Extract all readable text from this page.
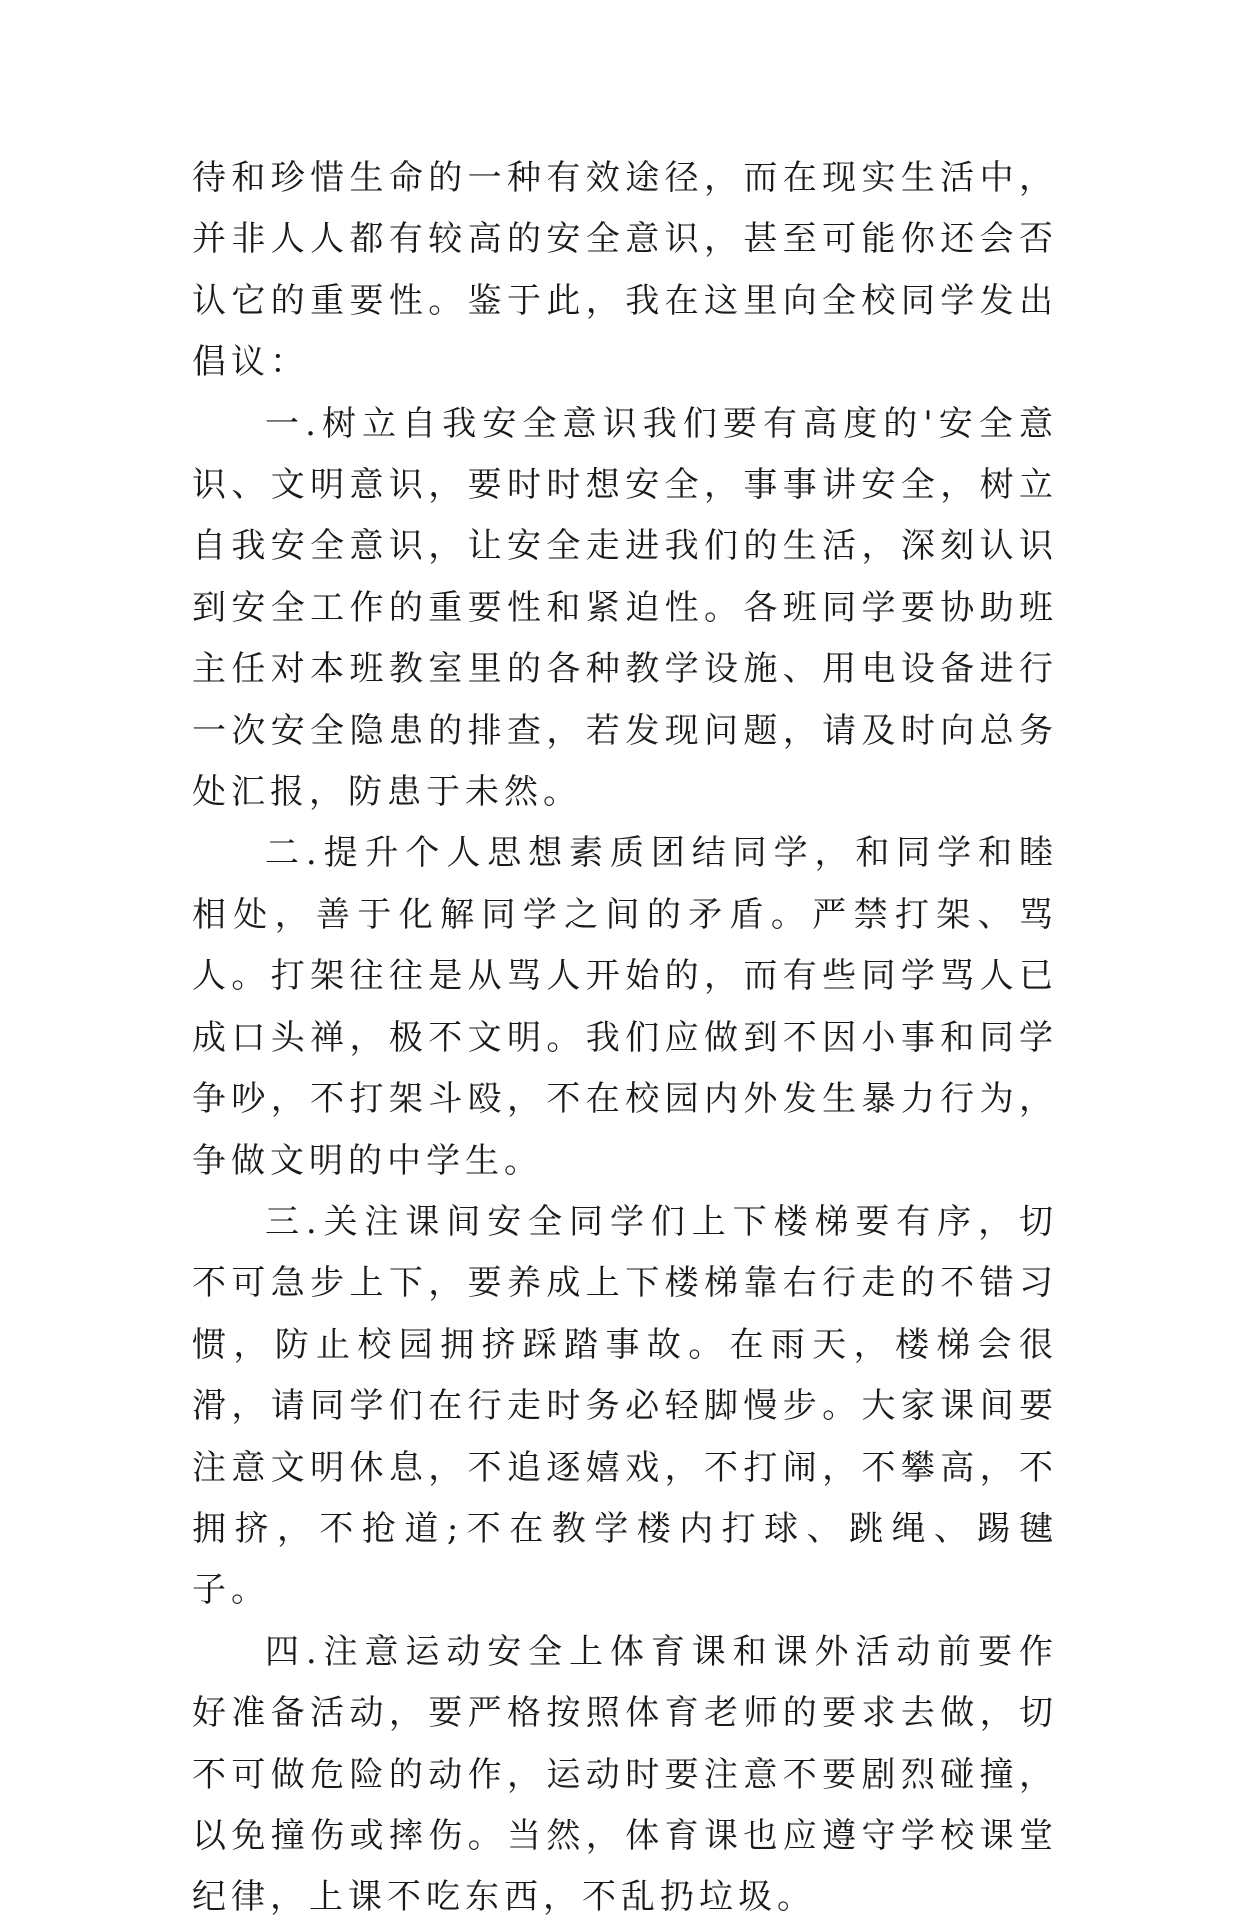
待和珍惜生命的一种有效途径，而在现实生活中，并非人人都有较高的安全意识，甚至可能你还会否认它的重要性。鉴于此，我在这里向全校同学发出倡议：

一.树立自我安全意识我们要有高度的'安全意识、文明意识，要时时想安全，事事讲安全，树立自我安全意识，让安全走进我们的生活，深刻认识到安全工作的重要性和紧迫性。各班同学要协助班主任对本班教室里的各种教学设施、用电设备进行一次安全隐患的排查，若发现问题，请及时向总务处汇报，防患于未然。

二.提升个人思想素质团结同学，和同学和睦相处，善于化解同学之间的矛盾。严禁打架、骂人。打架往往是从骂人开始的，而有些同学骂人已成口头禅，极不文明。我们应做到不因小事和同学争吵，不打架斗殴，不在校园内外发生暴力行为，争做文明的中学生。

三.关注课间安全同学们上下楼梯要有序，切不可急步上下，要养成上下楼梯靠右行走的不错习惯，防止校园拥挤踩踏事故。在雨天，楼梯会很滑，请同学们在行走时务必轻脚慢步。大家课间要注意文明休息，不追逐嬉戏，不打闹，不攀高，不拥挤，不抢道;不在教学楼内打球、跳绳、踢毽子。

四.注意运动安全上体育课和课外活动前要作好准备活动，要严格按照体育老师的要求去做，切不可做危险的动作，运动时要注意不要剧烈碰撞，以免撞伤或摔伤。当然，体育课也应遵守学校课堂纪律，上课不吃东西，不乱扔垃圾。
